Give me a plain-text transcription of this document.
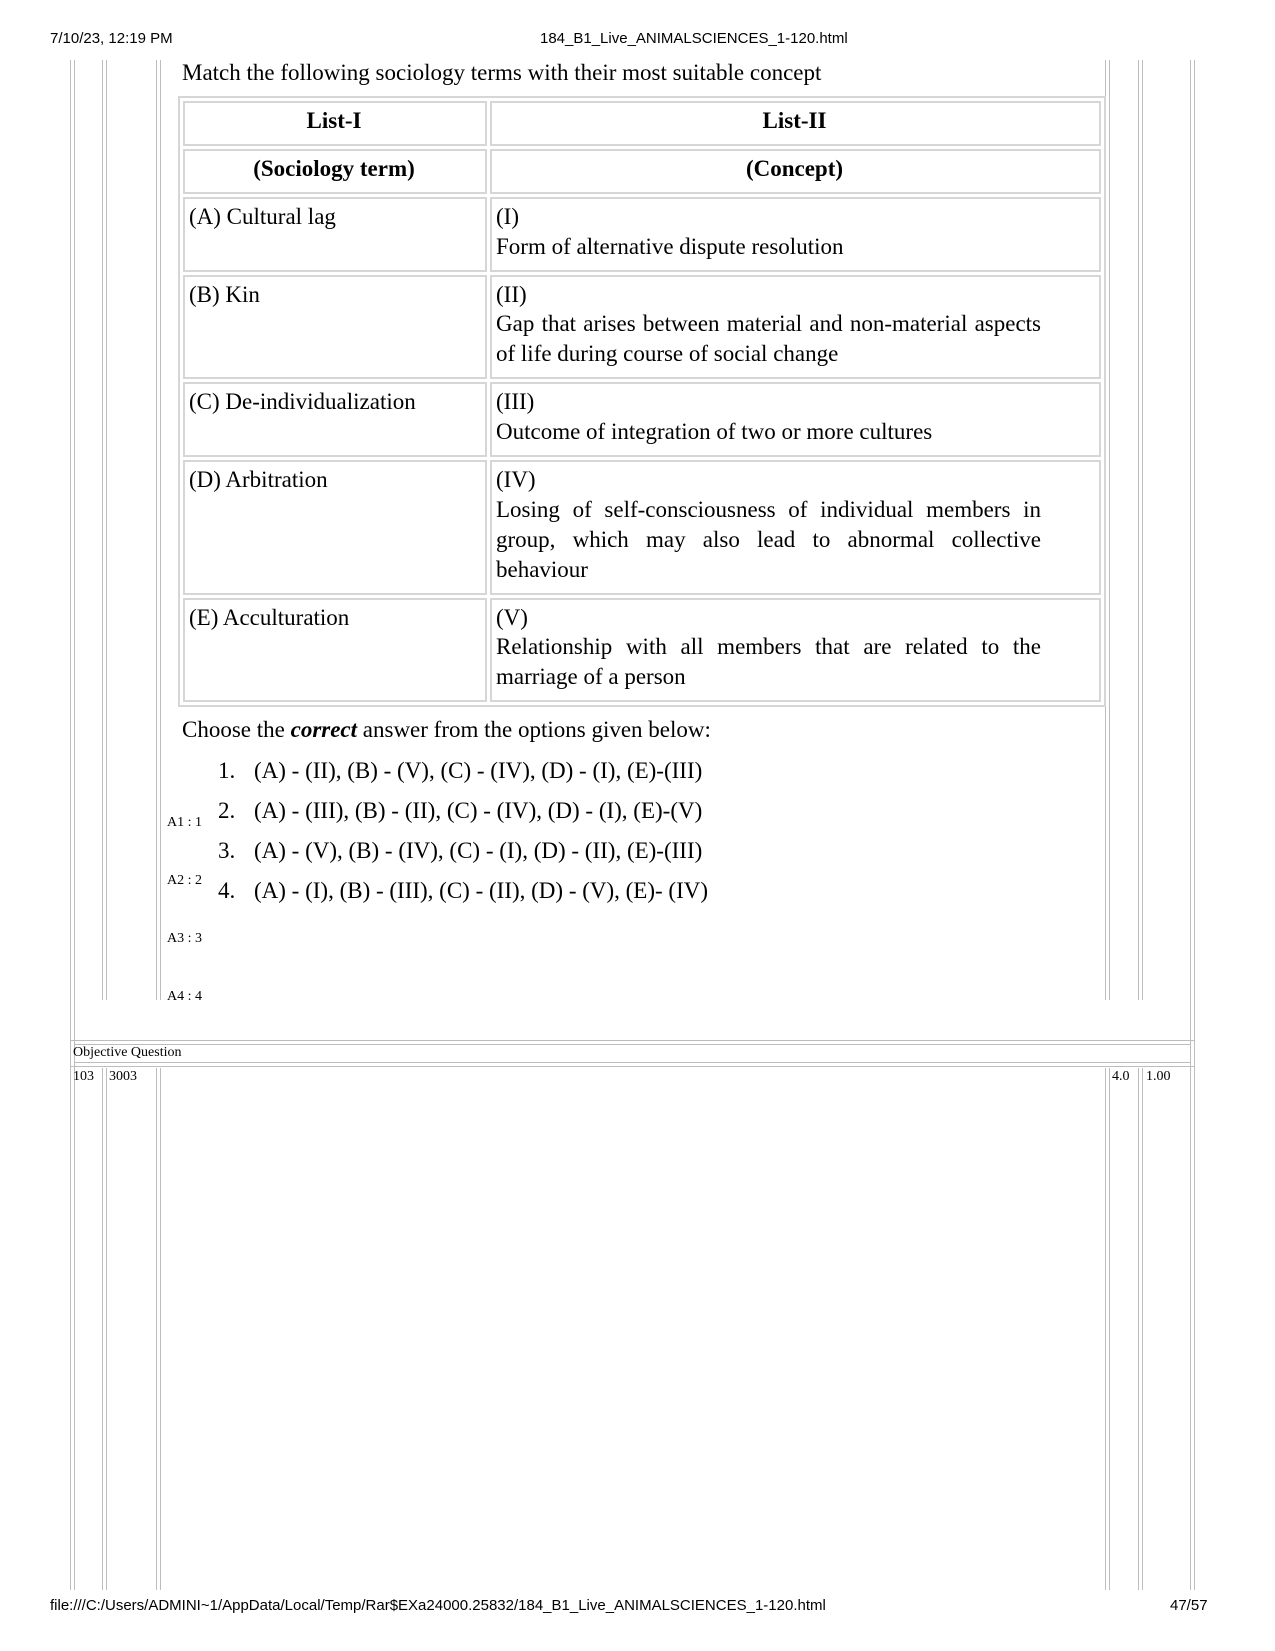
7/10/23, 12:19 PM	184_B1_Live_ANIMALSCIENCES_1-120.html
Match the following sociology terms with their most suitable concept
List-I	List-II
(Sociology term)	(Concept)
(A) Cultural lag	(I)Form of alternative dispute resolution
(B) Kin	(II)Gap that arises between material and non-material aspects of life during course of social change
(C) De-individualization	(III)Outcome of integration of two or more cultures
(D) Arbitration	(IV)Losing of self-consciousness of individual members in group, which may also lead to abnormal collective behaviour
(E) Acculturation	(V)Relationship with all members that are related to the marriage of a person
Choose the correct answer from the options given below:
1. (A) - (II), (B) - (V), (C) - (IV), (D) - (I), (E)-(III)
2. (A) - (III), (B) - (II), (C) - (IV), (D) - (I), (E)-(V)
3. (A) - (V), (B) - (IV), (C) - (I), (D) - (II), (E)-(III)
4. (A) - (I), (B) - (III), (C) - (II), (D) - (V), (E)- (IV)
A1 : 1
A2 : 2
A3 : 3
A4 : 4
Objective Question
103 3003	4.0 1.00
file:///C:/Users/ADMINI~1/AppData/Local/Temp/Rar$EXa24000.25832/184_B1_Live_ANIMALSCIENCES_1-120.html	47/57
